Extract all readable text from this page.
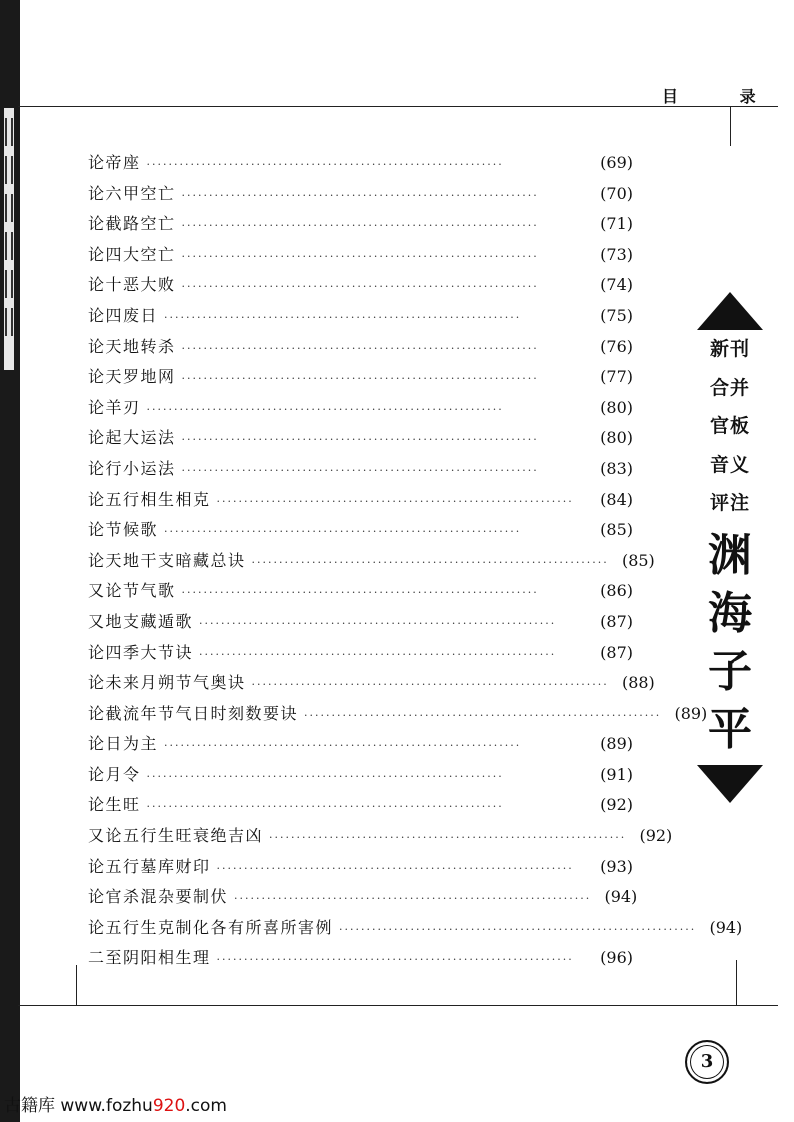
目 录
论帝座 ·································································	(69)
论六甲空亡 ·································································	(70)
论截路空亡 ·································································	(71)
论四大空亡 ·································································	(73)
论十恶大败 ·································································	(74)
论四废日 ·································································	(75)
论天地转杀 ·································································	(76)
论天罗地网 ·································································	(77)
论羊刃 ·································································	(80)
论起大运法 ·································································	(80)
论行小运法 ·································································	(83)
论五行相生相克 ·································································	(84)
论节候歌 ·································································	(85)
论天地干支暗藏总诀 ································································· (85)
又论节气歌 ·································································	(86)
又地支藏遁歌 ·································································	(87)
论四季大节诀 ·································································	(87)
论未来月朔节气奥诀 ································································· (88)
论截流年节气日时刻数要诀 ································································· (89)
论日为主 ·································································	(89)
论月令 ·································································	(91)
论生旺 ·································································	(92)
又论五行生旺衰绝吉凶 ································································· (92)
论五行墓库财印 ·································································	(93)
论官杀混杂要制伏 ································································· (94)
论五行生克制化各有所喜所害例 ································································· (94)
二至阴阳相生理 ·································································	(96)
新刊
合并
官板
音义
评注
渊
海
子
平
3
古籍库 www.fozhu920.com
